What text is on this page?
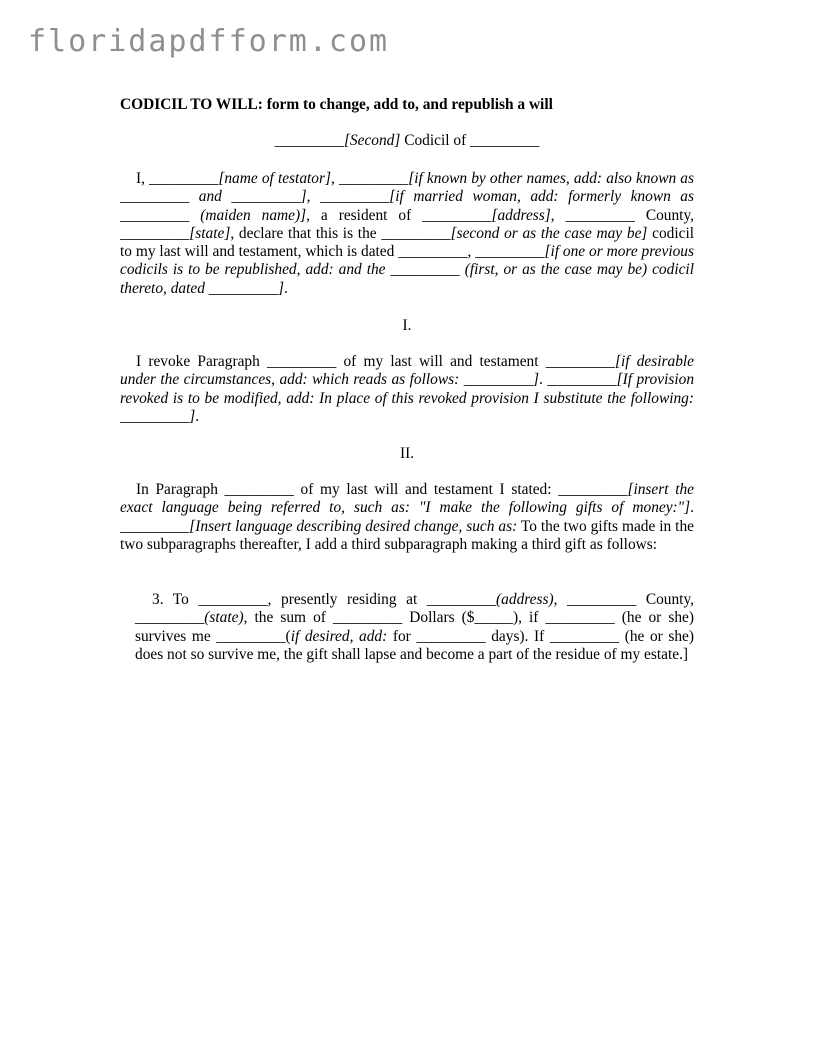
floridapdfform.com
CODICIL TO WILL: form to change, add to, and republish a will
_________[Second] Codicil of _________
I, _________[name of testator], _________[if known by other names, add: also known as _________ and _________], _________[if married woman, add: formerly known as _________ (maiden name)], a resident of _________[address], _________ County, _________[state], declare that this is the _________[second or as the case may be] codicil to my last will and testament, which is dated _________, _________[if one or more previous codicils is to be republished, add: and the _________ (first, or as the case may be) codicil thereto, dated _________].
I.
I revoke Paragraph _________ of my last will and testament _________[if desirable under the circumstances, add: which reads as follows: _________]. _________[If provision revoked is to be modified, add: In place of this revoked provision I substitute the following: _________].
II.
In Paragraph _________ of my last will and testament I stated: _________[insert the exact language being referred to, such as: "I make the following gifts of money:"]. _________[Insert language describing desired change, such as: To the two gifts made in the two subparagraphs thereafter, I add a third subparagraph making a third gift as follows:
3. To _________, presently residing at _________(address), _________ County, _________(state), the sum of _________ Dollars ($_____), if _________ (he or she) survives me _________(if desired, add: for _________ days). If _________ (he or she) does not so survive me, the gift shall lapse and become a part of the residue of my estate.]
